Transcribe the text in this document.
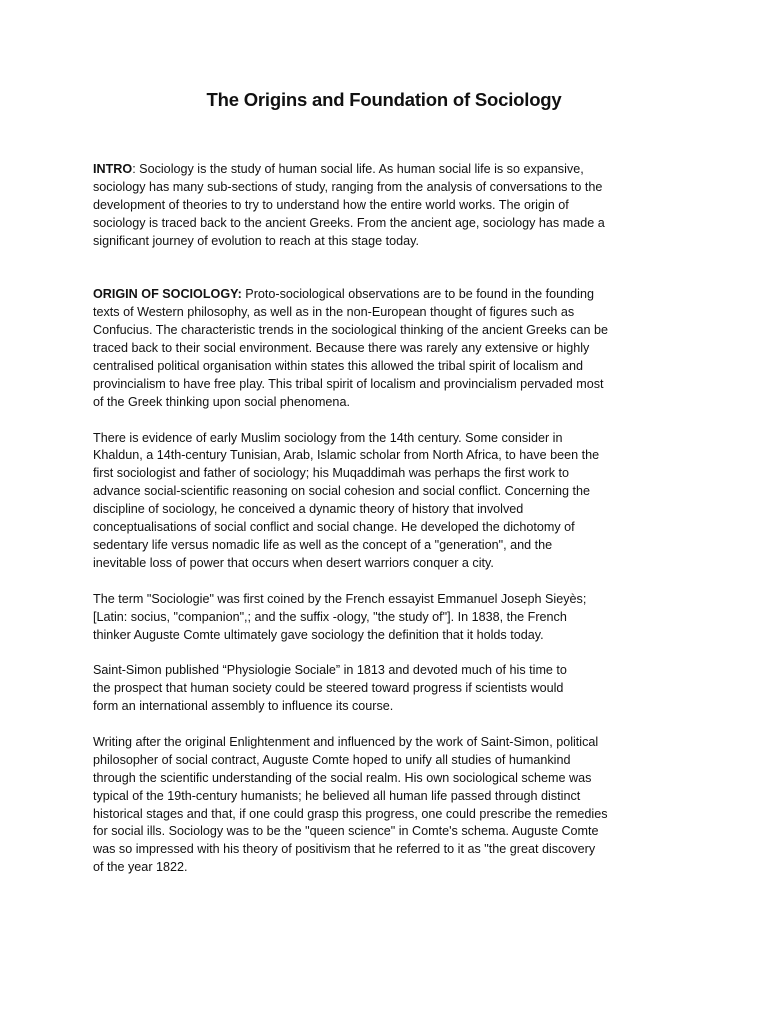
The Origins and Foundation of Sociology

INTRO: Sociology is the study of human social life. As human social life is so expansive,
sociology has many sub-sections of study, ranging from the analysis of conversations to the
development of theories to try to understand how the entire world works. The origin of
sociology is traced back to the ancient Greeks. From the ancient age, sociology has made a
significant journey of evolution to reach at this stage today.

ORIGIN OF SOCIOLOGY: Proto-sociological observations are to be found in the founding
texts of Western philosophy, as well as in the non-European thought of figures such as
Confucius. The characteristic trends in the sociological thinking of the ancient Greeks can be
traced back to their social environment. Because there was rarely any extensive or highly
centralised political organisation within states this allowed the tribal spirit of localism and
provincialism to have free play. This tribal spirit of localism and provincialism pervaded most
of the Greek thinking upon social phenomena.

There is evidence of early Muslim sociology from the 14th century. Some consider in
Khaldun, a 14th-century Tunisian, Arab, Islamic scholar from North Africa, to have been the
first sociologist and father of sociology; his Muqaddimah was perhaps the first work to
advance social-scientific reasoning on social cohesion and social conflict. Concerning the
discipline of sociology, he conceived a dynamic theory of history that involved
conceptualisations of social conflict and social change. He developed the dichotomy of
sedentary life versus nomadic life as well as the concept of a "generation", and the
inevitable loss of power that occurs when desert warriors conquer a city.

The term "Sociologie" was first coined by the French essayist Emmanuel Joseph Sieyès;
[Latin: socius, "companion",; and the suffix -ology, "the study of"]. In 1838, the French
thinker Auguste Comte ultimately gave sociology the definition that it holds today.

Saint-Simon published “Physiologie Sociale” in 1813 and devoted much of his time to
the prospect that human society could be steered toward progress if scientists would
form an international assembly to influence its course.

Writing after the original Enlightenment and influenced by the work of Saint-Simon, political
philosopher of social contract, Auguste Comte hoped to unify all studies of humankind
through the scientific understanding of the social realm. His own sociological scheme was
typical of the 19th-century humanists; he believed all human life passed through distinct
historical stages and that, if one could grasp this progress, one could prescribe the remedies
for social ills. Sociology was to be the "queen science" in Comte's schema. Auguste Comte
was so impressed with his theory of positivism that he referred to it as "the great discovery
of the year 1822.
